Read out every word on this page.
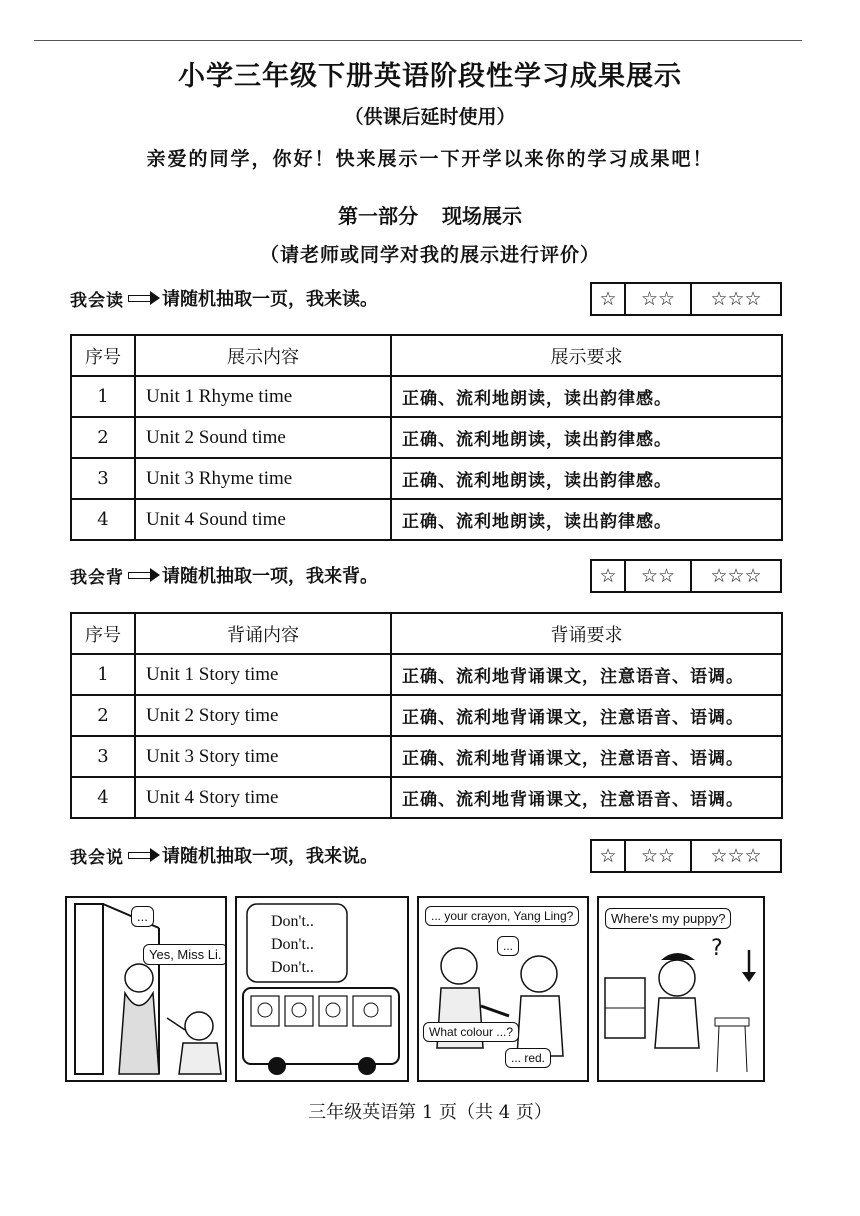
小学三年级下册英语阶段性学习成果展示
（供课后延时使用）
亲爱的同学，你好！快来展示一下开学以来你的学习成果吧！
第一部分 现场展示
（请老师或同学对我的展示进行评价）
我会读 请随机抽取一页，我来读。	☆	☆☆	☆☆☆
序号	展示内容	展示要求
1	Unit 1 Rhyme time	正确、流利地朗读，读出韵律感。
2	Unit 2 Sound time	正确、流利地朗读，读出韵律感。
3	Unit 3 Rhyme time	正确、流利地朗读，读出韵律感。
4	Unit 4 Sound time	正确、流利地朗读，读出韵律感。
我会背 请随机抽取一项，我来背。	☆	☆☆	☆☆☆
序号	背诵内容	背诵要求
1	Unit 1 Story time	正确、流利地背诵课文，注意语音、语调。
2	Unit 2 Story time	正确、流利地背诵课文，注意语音、语调。
3	Unit 3 Story time	正确、流利地背诵课文，注意语音、语调。
4	Unit 4 Story time	正确、流利地背诵课文，注意语音、语调。
我会说 请随机抽取一项，我来说。	☆	☆☆	☆☆☆
...
Yes, Miss Li.
Don't..
Don't..
Don't..
... your crayon, Yang Ling?
...
What colour ...?
... red.
Where's my puppy?
?
三年级英语第 1 页（共 4 页）
